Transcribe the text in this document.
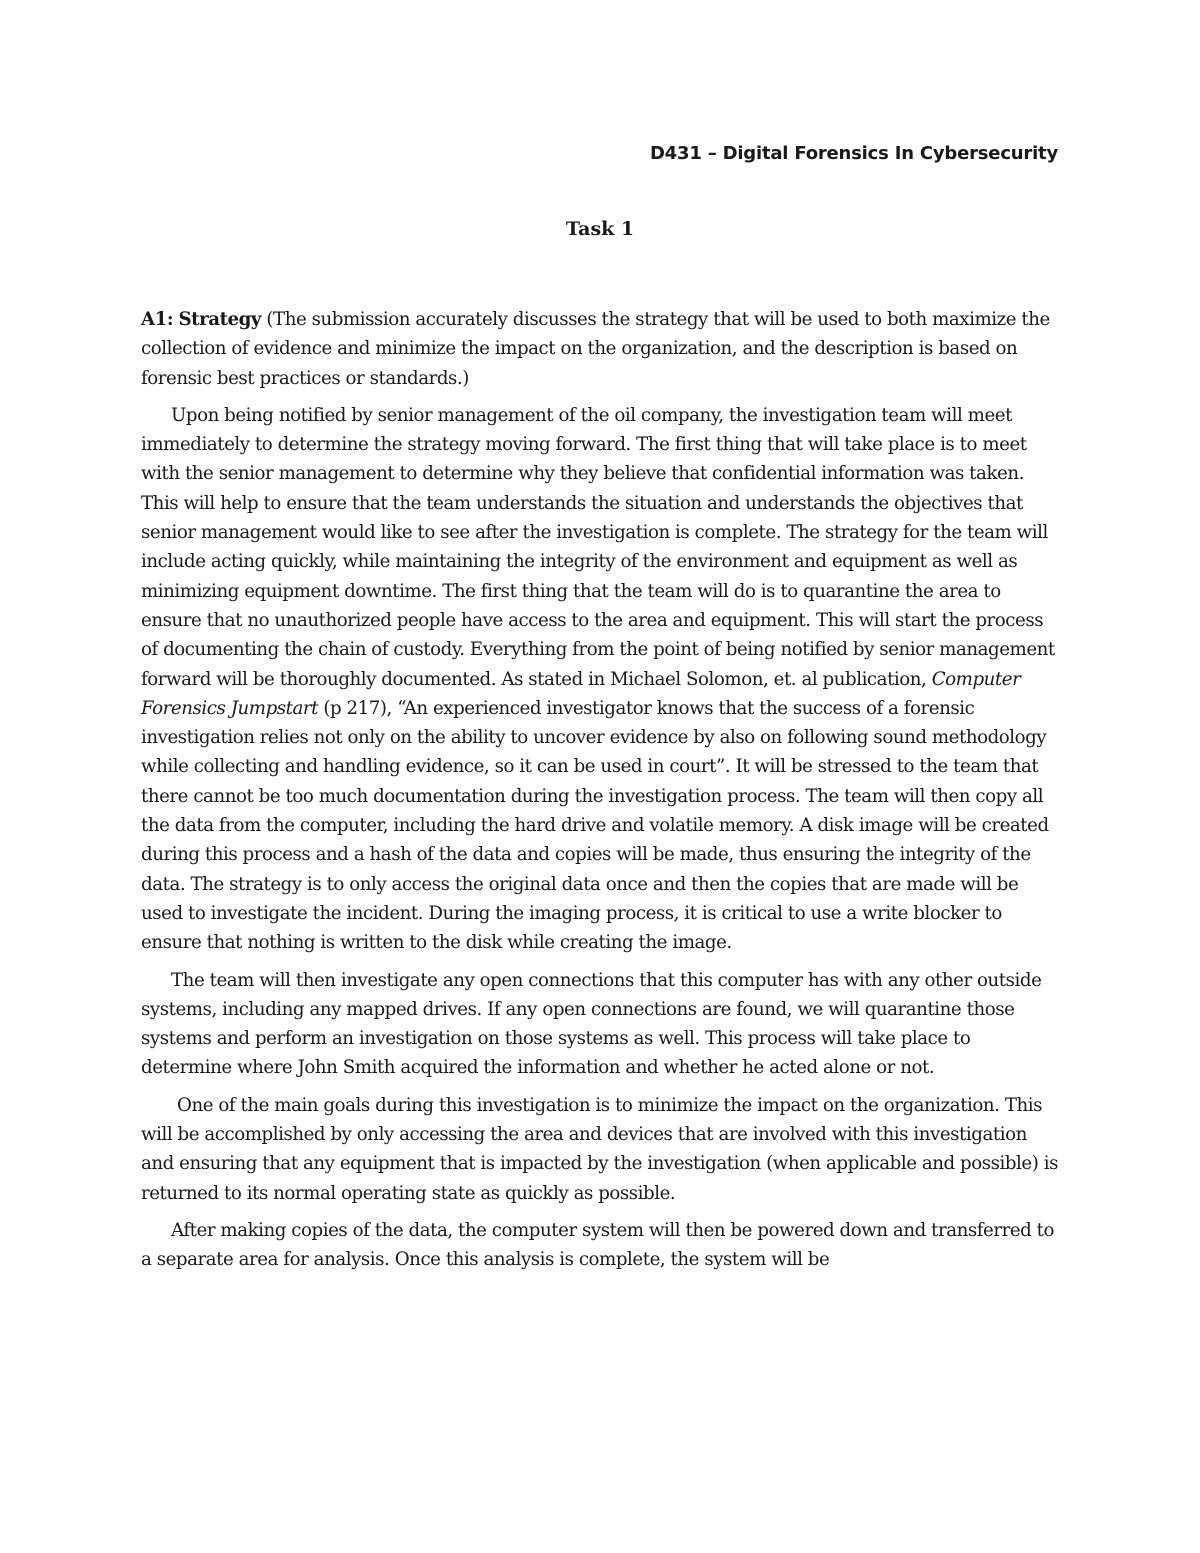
D431 – Digital Forensics In Cybersecurity
Task 1

A1: Strategy (The submission accurately discusses the strategy that will be used to both maximize the collection of evidence and minimize the impact on the organization, and the description is based on forensic best practices or standards.)

Upon being notified by senior management of the oil company, the investigation team will meet immediately to determine the strategy moving forward. The first thing that will take place is to meet with the senior management to determine why they believe that confidential information was taken. This will help to ensure that the team understands the situation and understands the objectives that senior management would like to see after the investigation is complete. The strategy for the team will include acting quickly, while maintaining the integrity of the environment and equipment as well as minimizing equipment downtime. The first thing that the team will do is to quarantine the area to ensure that no unauthorized people have access to the area and equipment. This will start the process of documenting the chain of custody. Everything from the point of being notified by senior management forward will be thoroughly documented. As stated in Michael Solomon, et. al publication, Computer Forensics Jumpstart (p 217), “An experienced investigator knows that the success of a forensic investigation relies not only on the ability to uncover evidence by also on following sound methodology while collecting and handling evidence, so it can be used in court”. It will be stressed to the team that there cannot be too much documentation during the investigation process. The team will then copy all the data from the computer, including the hard drive and volatile memory. A disk image will be created during this process and a hash of the data and copies will be made, thus ensuring the integrity of the data. The strategy is to only access the original data once and then the copies that are made will be used to investigate the incident. During the imaging process, it is critical to use a write blocker to ensure that nothing is written to the disk while creating the image.

The team will then investigate any open connections that this computer has with any other outside systems, including any mapped drives. If any open connections are found, we will quarantine those systems and perform an investigation on those systems as well. This process will take place to determine where John Smith acquired the information and whether he acted alone or not.

One of the main goals during this investigation is to minimize the impact on the organization. This will be accomplished by only accessing the area and devices that are involved with this investigation and ensuring that any equipment that is impacted by the investigation (when applicable and possible) is returned to its normal operating state as quickly as possible.

After making copies of the data, the computer system will then be powered down and transferred to a separate area for analysis. Once this analysis is complete, the system will be
